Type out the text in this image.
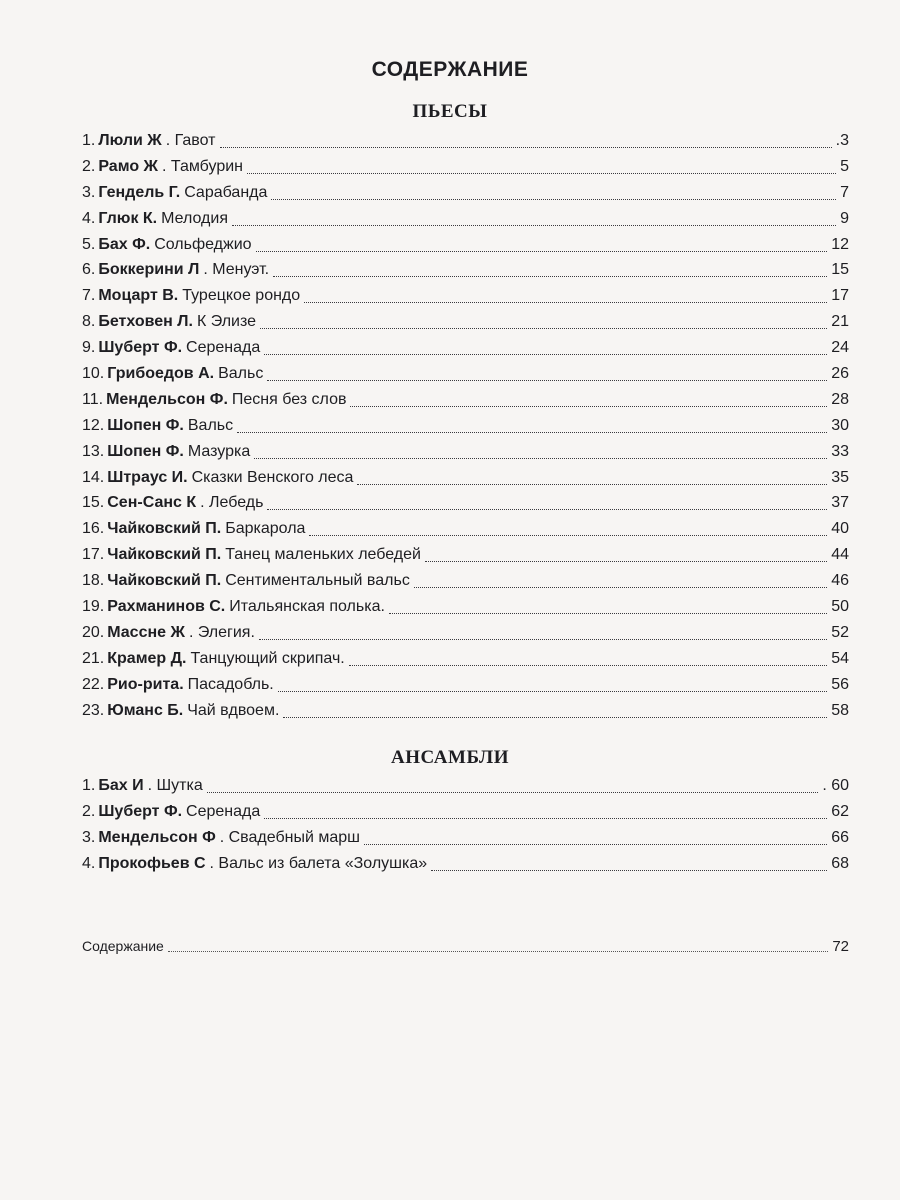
СОДЕРЖАНИЕ
ПЬЕСЫ
1. Люли Ж . Гавот	.3
2. Рамо Ж . Тамбурин	5
3. Гендель Г. Сарабанда	7
4. Глюк К. Мелодия	9
5. Бах Ф. Сольфеджио	12
6. Боккерини Л . Менуэт.	15
7. Моцарт В. Турецкое рондо	17
8. Бетховен Л. К Элизе	21
9. Шуберт Ф. Серенада	24
10. Грибоедов А. Вальс	26
11. Мендельсон Ф. Песня без слов	28
12. Шопен Ф. Вальс	30
13. Шопен Ф. Мазурка	33
14. Штраус И. Сказки Венского леса	35
15. Сен-Санс К . Лебедь	37
16. Чайковский П. Баркарола	40
17. Чайковский П. Танец маленьких лебедей	44
18. Чайковский П. Сентиментальный вальс	46
19. Рахманинов С. Итальянская полька.	50
20. Массне Ж . Элегия.	52
21. Крамер Д. Танцующий скрипач.	54
22. Рио-рита. Пасадобль.	56
23. Юманс Б. Чай вдвоем.	58
АНСАМБЛИ
1. Бах И . Шутка	. 60
2. Шуберт Ф. Серенада	62
3. Мендельсон Ф . Свадебный марш	66
4. Прокофьев С . Вальс из балета «Золушка»	68
Содержание	72
